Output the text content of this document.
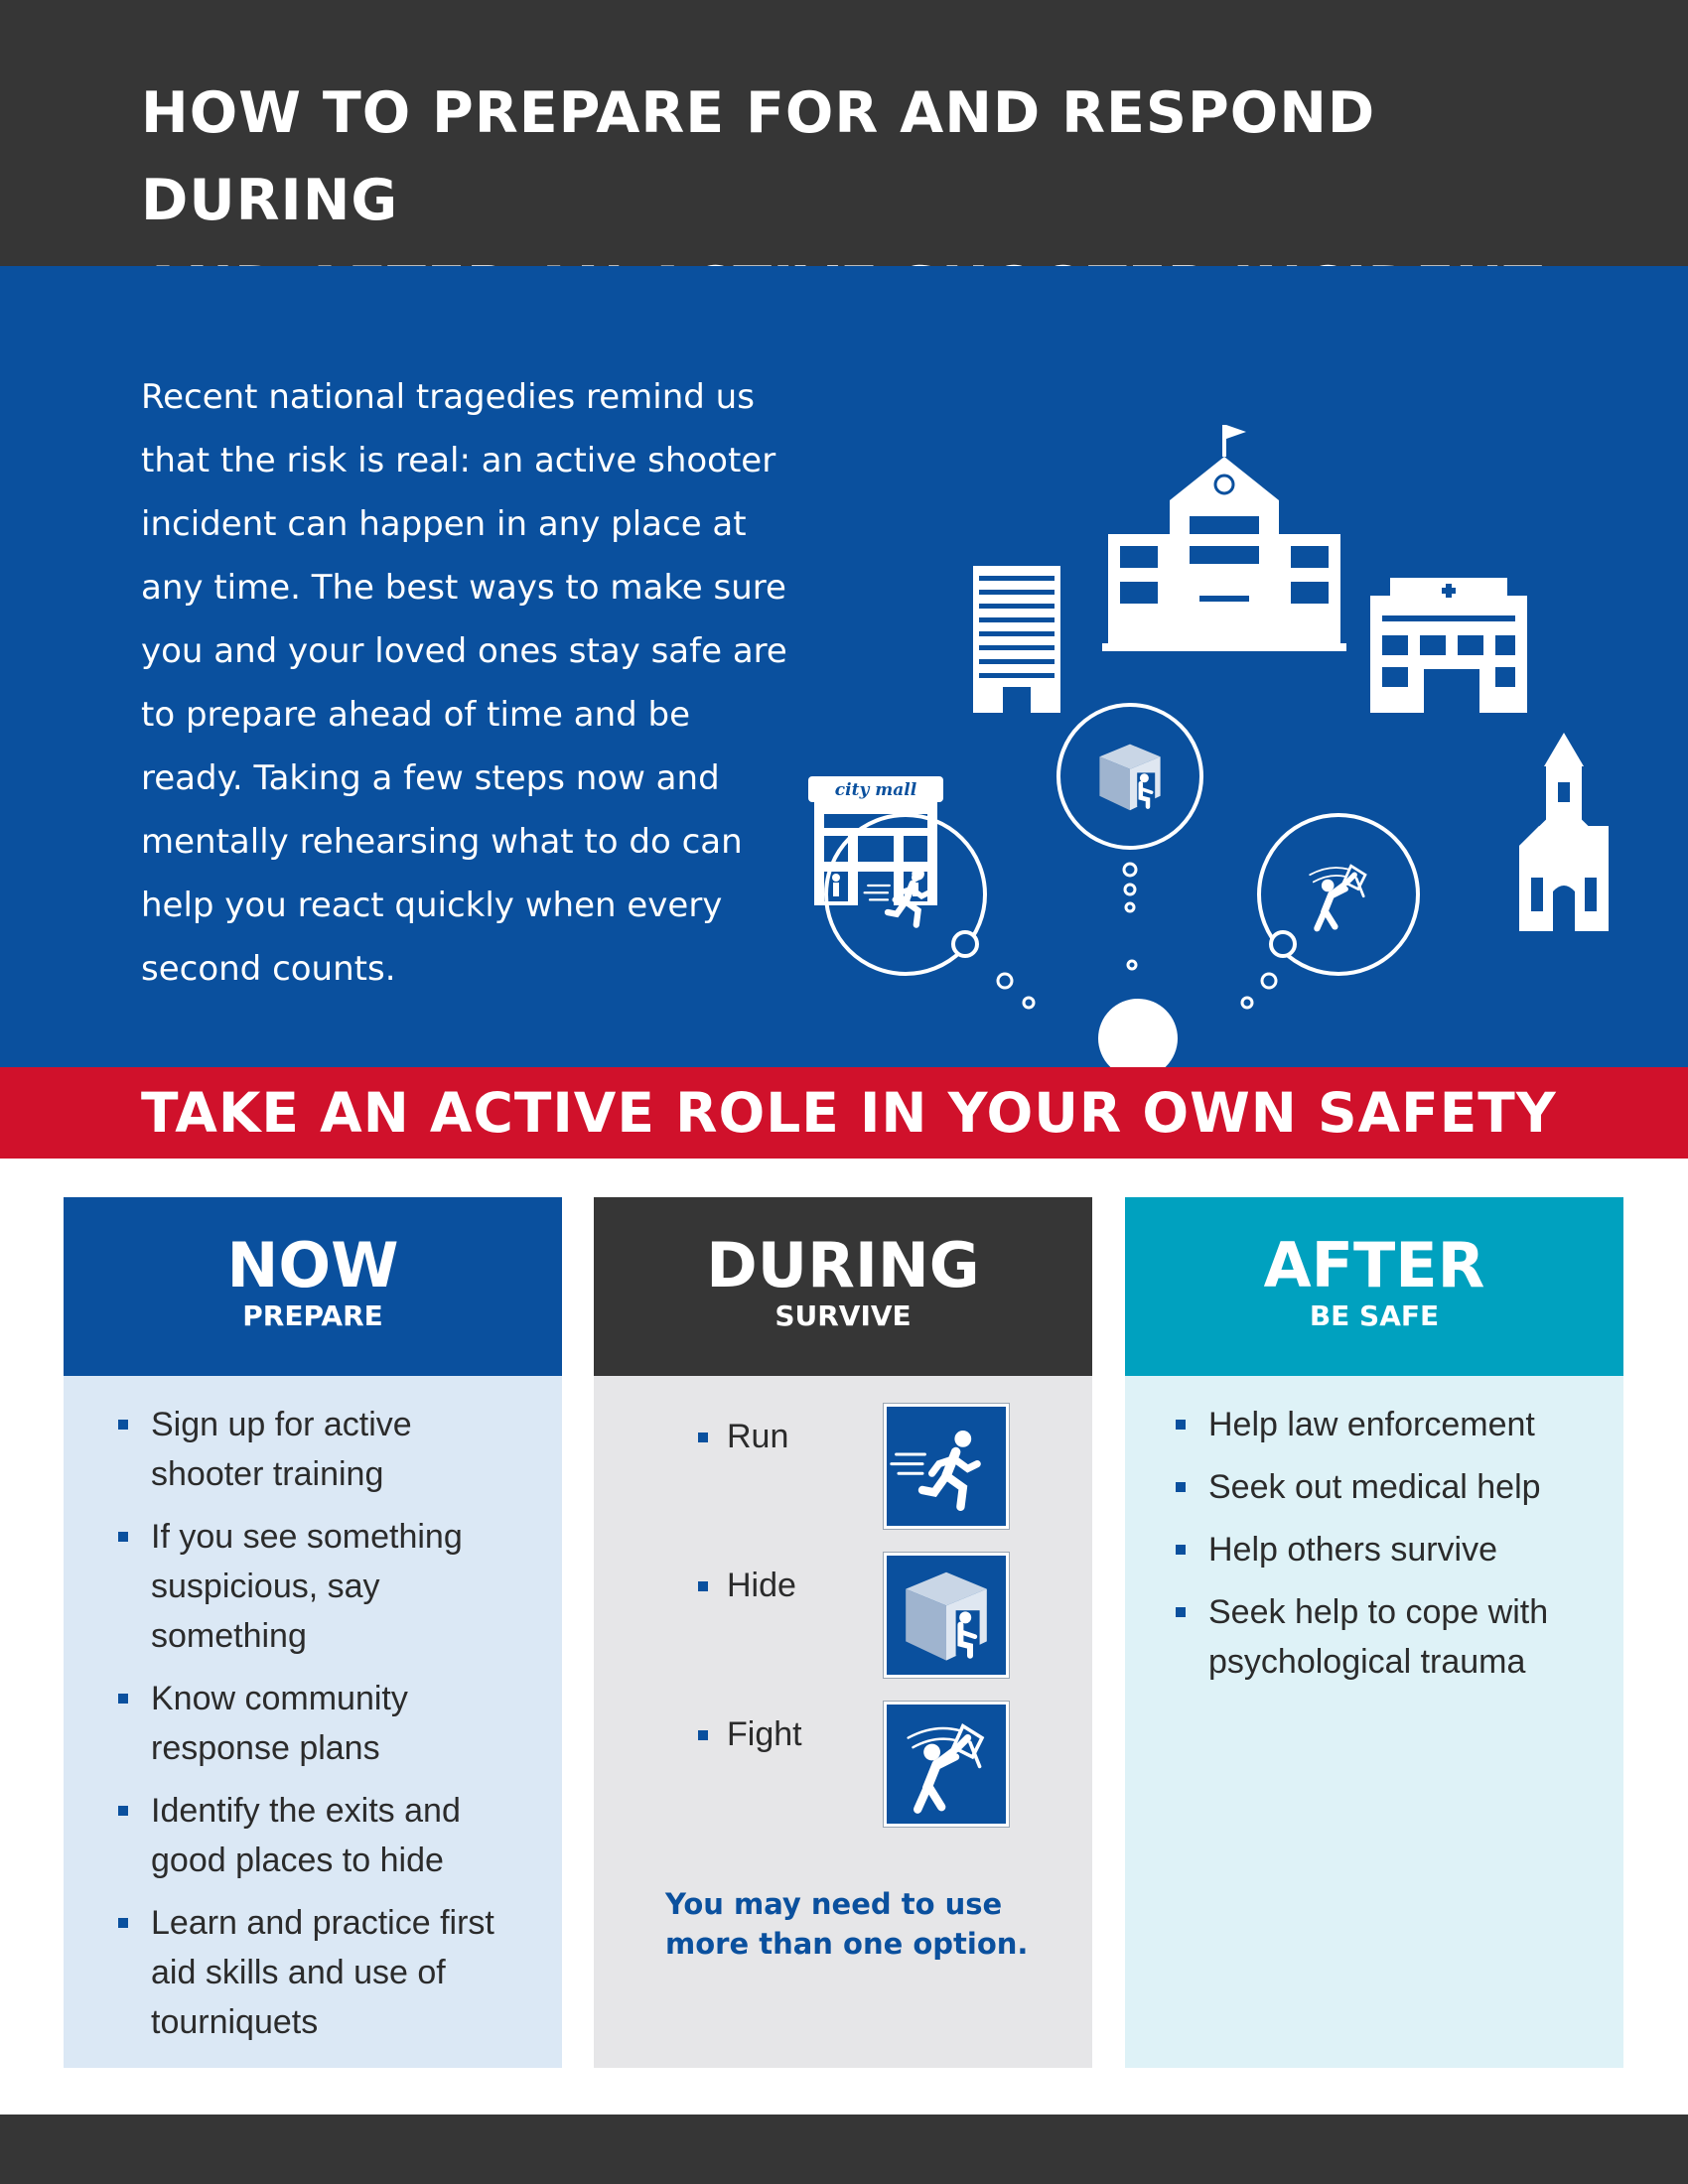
HOW TO PREPARE FOR AND RESPOND DURING

Recent national tragedies remind us that the risk is real: an active shooter incident can happen in any place at any time. The best ways to make sure you and your loved ones stay safe are to prepare ahead of time and be ready. Taking a few steps now and mentally rehearsing what to do can help you react quickly when every second counts.

city mall
TAKE AN ACTIVE ROLE IN YOUR OWN SAFETY
NOW
PREPARE
Sign up for active shooter training
If you see something suspicious, say something
Know community response plans
Identify the exits and good places to hide
Learn and practice first aid skills and use of tourniquets
DURING
SURVIVE
Run
Hide
Fight
You may need to use more than one option.
AFTER
BE SAFE
Help law enforcement
Seek out medical help
Help others survive
Seek help to cope with psychological trauma
